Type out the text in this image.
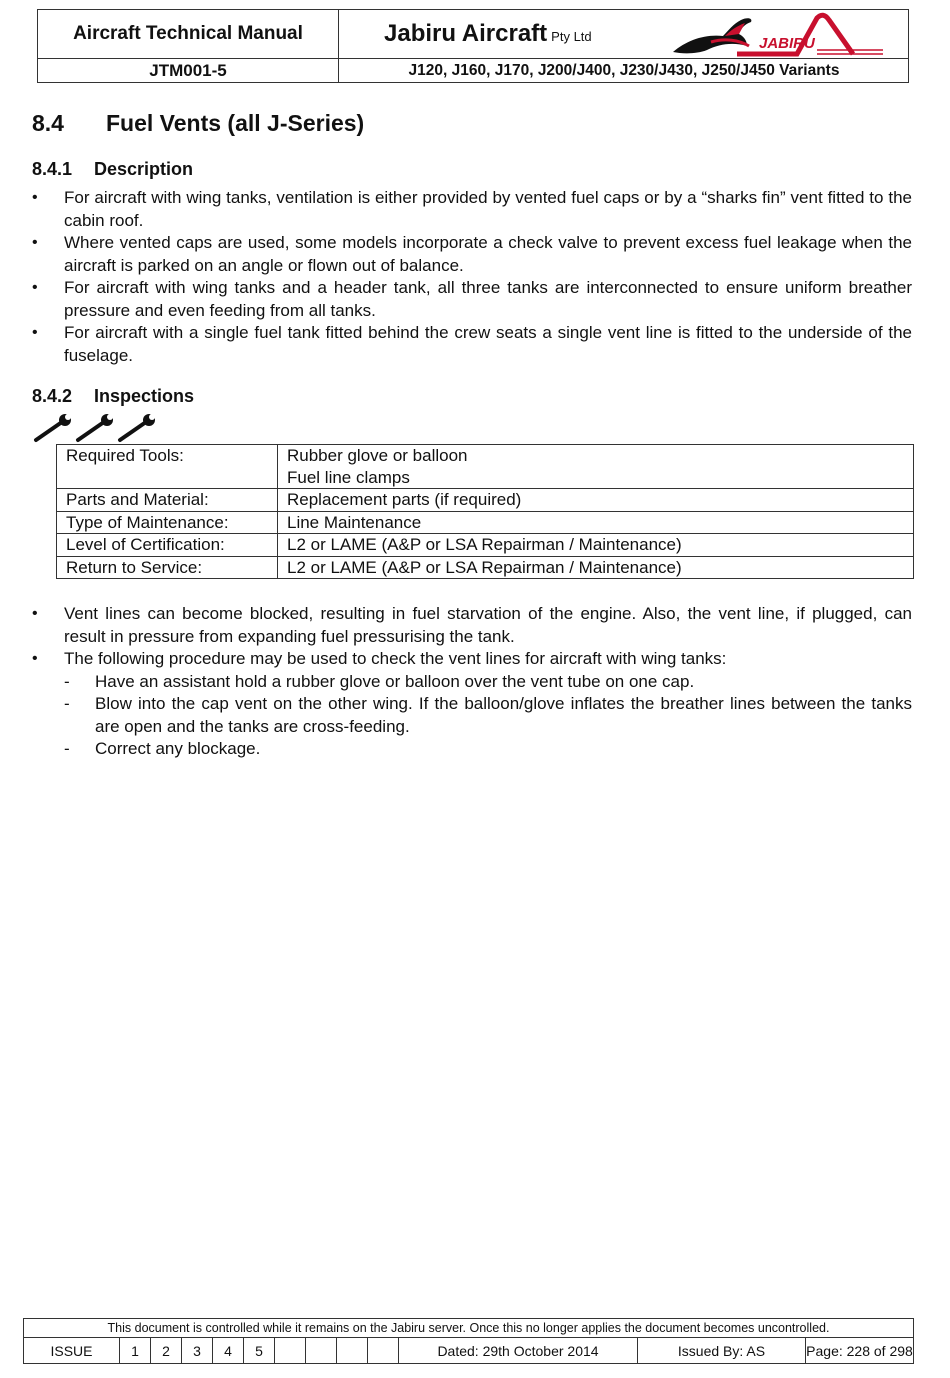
Aircraft Technical Manual	Jabiru Aircraft Pty Ltd	JABIRU
JTM001-5	J120, J160, J170, J200/J400, J230/J430, J250/J450 Variants
8.4 Fuel Vents (all J-Series)
8.4.1 Description
• For aircraft with wing tanks, ventilation is either provided by vented fuel caps or by a “sharks fin” vent fitted to the cabin roof.
• Where vented caps are used, some models incorporate a check valve to prevent excess fuel leakage when the aircraft is parked on an angle or flown out of balance.
• For aircraft with wing tanks and a header tank, all three tanks are interconnected to ensure uniform breather pressure and even feeding from all tanks.
• For aircraft with a single fuel tank fitted behind the crew seats a single vent line is fitted to the underside of the fuselage.
8.4.2 Inspections
Required Tools:	Rubber glove or balloon
Fuel line clamps

Parts and Material:	Replacement parts (if required)
Type of Maintenance:	Line Maintenance
Level of Certification:	L2 or LAME (A&P or LSA Repairman / Maintenance)
Return to Service:	L2 or LAME (A&P or LSA Repairman / Maintenance)
• Vent lines can become blocked, resulting in fuel starvation of the engine. Also, the vent line, if plugged, can result in pressure from expanding fuel pressurising the tank.
• The following procedure may be used to check the vent lines for aircraft with wing tanks:
- Have an assistant hold a rubber glove or balloon over the vent tube on one cap.
- Blow into the cap vent on the other wing. If the balloon/glove inflates the breather lines between the tanks are open and the tanks are cross-feeding.
- Correct any blockage.
This document is controlled while it remains on the Jabiru server. Once this no longer applies the document becomes uncontrolled.
ISSUE	1	2	3	4	5					Dated: 29th October 2014	Issued By: AS	Page: 228 of 298
